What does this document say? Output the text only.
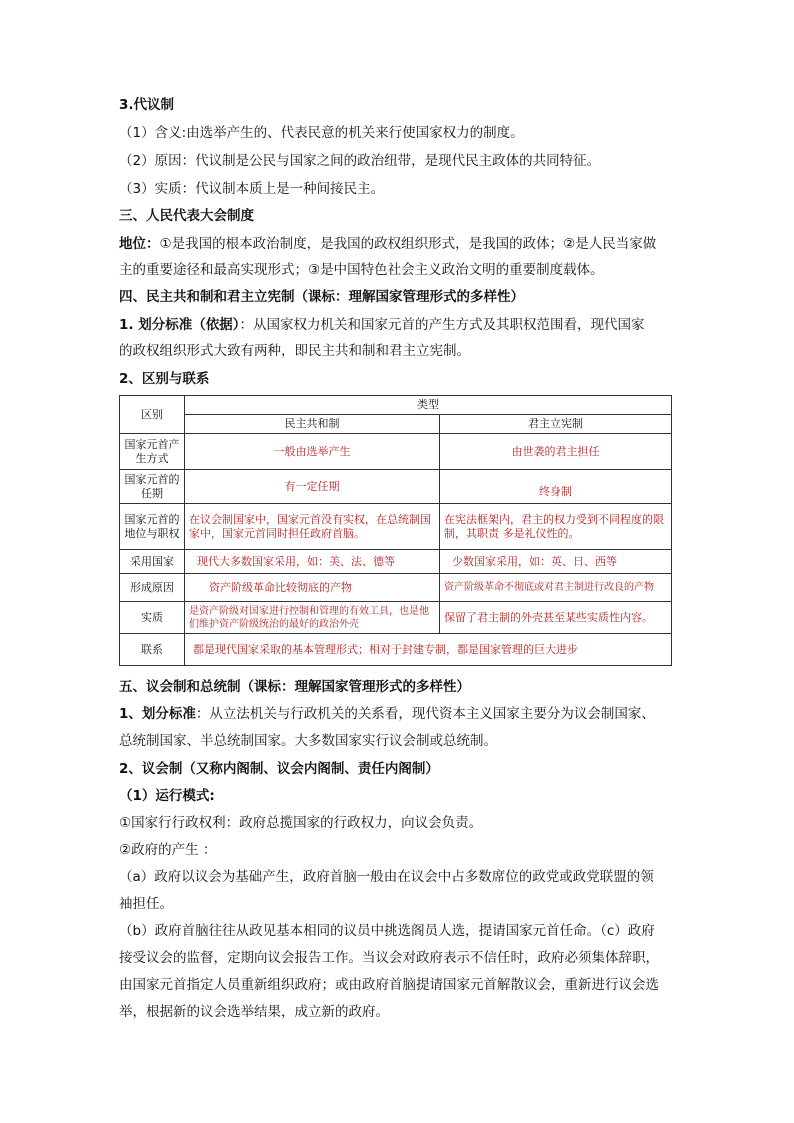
3.代议制
（1）含义:由选举产生的、代表民意的机关来行使国家权力的制度。
（2）原因：代议制是公民与国家之间的政治纽带，是现代民主政体的共同特征。
（3）实质：代议制本质上是一种间接民主。
三、人民代表大会制度
地位：①是我国的根本政治制度，是我国的政权组织形式，是我国的政体；②是人民当家做
主的重要途径和最高实现形式；③是中国特色社会主义政治文明的重要制度载体。
四、民主共和制和君主立宪制（课标：理解国家管理形式的多样性）
1. 划分标准（依据）：从国家权力机关和国家元首的产生方式及其职权范围看，现代国家
的政权组织形式大致有两种，即民主共和制和君主立宪制。
2、区别与联系
区别	类型	
	民主共和制	君主立宪制
国家元首产生方式	一般由选举产生	由世袭的君主担任
国家元首的任期	有一定任期	终身制
国家元首的地位与职权	在议会制国家中，国家元首没有实权，在总统制国家中，国家元首同时担任政府首脑。	在宪法框架内，君主的权力受到不同程度的限制，其职责 多是礼仪性的。
采用国家	现代大多数国家采用，如：美、法、德等	少数国家采用，如：英、日、西等
形成原因	资产阶级革命比较彻底的产物	资产阶级革命不彻底或对君主制进行改良的产物
实质	是资产阶级对国家进行控制和管理的有效工具，也是他们维护资产阶级统治的最好的政治外壳	保留了君主制的外壳甚至某些实质性内容。
联系	都是现代国家采取的基本管理形式；相对于封建专制，都是国家管理的巨大进步	
五、议会制和总统制（课标：理解国家管理形式的多样性）
1、划分标准：从立法机关与行政机关的关系看，现代资本主义国家主要分为议会制国家、
总统制国家、半总统制国家。大多数国家实行议会制或总统制。
2、议会制（又称内阁制、议会内阁制、责任内阁制）
（1）运行模式:
①国家行行政权利：政府总揽国家的行政权力，向议会负责。
②政府的产生 ：
（a）政府以议会为基础产生，政府首脑一般由在议会中占多数席位的政党或政党联盟的领
袖担任。
（b）政府首脑往往从政见基本相同的议员中挑选阁员人选，提请国家元首任命。（c）政府
接受议会的监督，定期向议会报告工作。当议会对政府表示不信任时，政府必须集体辞职，
由国家元首指定人员重新组织政府；或由政府首脑提请国家元首解散议会，重新进行议会选
举，根据新的议会选举结果，成立新的政府。
